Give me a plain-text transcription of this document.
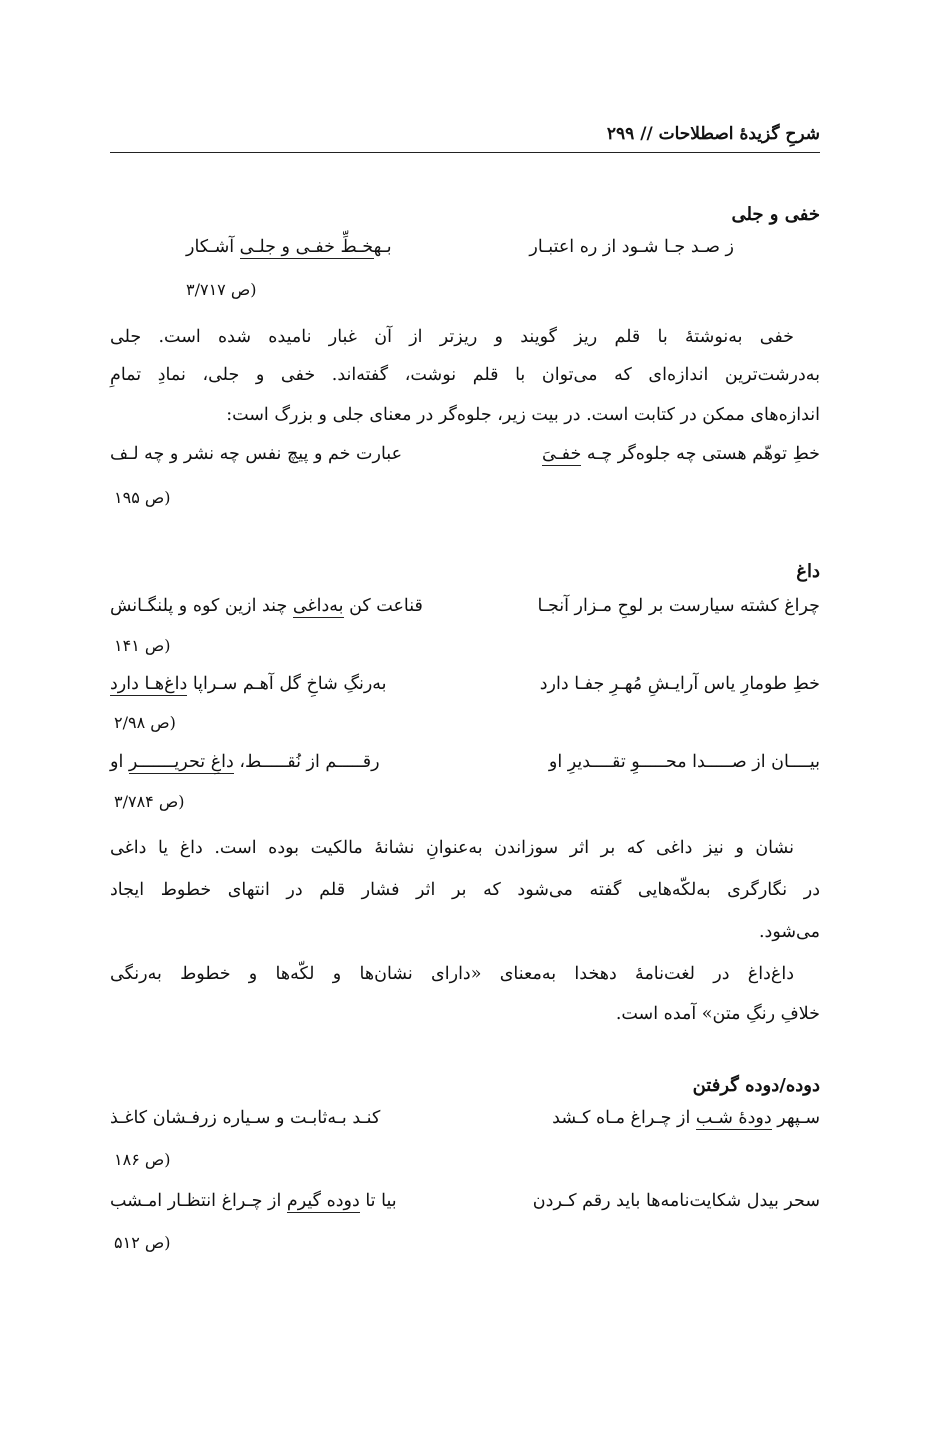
شرحِ گزیدهٔ اصطلاحات // ۲۹۹
خفی و جلی
ز صـد جـا شـود از ره اعتبـار
بـهخـطِّ خفـی و جلـی آشـکار
(ص ۳/۷۱۷
خفی به‌نوشتهٔ با قلم ریز گویند و ریزتر از آن غبار نامیده شده است. جلی
به‌درشت‌ترین اندازه‌ای که می‌توان با قلم نوشت، گفته‌اند. خفی و جلی، نمادِ تمامِ
اندازه‌های ممکن در کتابت است. در بیت زیر، جلوه‌گر در معنای جلی و بزرگ است:
خطِ توهّم هستی چه جلوه‌گر چـه خفـیَ
عبارت خم و پیچ نفس چه نشر و چه لـف
(ص ۱۹۵
داغ
چراغ کشته سیارست بر لوحِ مـزار آنجـا
قناعت کن به‌داغی چند ازین کوه و پلنگـانش
(ص ۱۴۱
خطِ طومارِ یاس آرایـشِ مُهـرِ جفـا دارد
به‌رنگِ شاخِ گل آهـم سـراپا داغ‌هـا دارد
(ص ۲/۹۸
بیــــان از صـــــدا محـــــوِ تقــــدیرِ او
رقـــــم از نُقـــــط، داغِ تحریـــــــر او
(ص ۳/۷۸۴
نشان و نیز داغی که بر اثر سوزاندن به‌عنوانِ نشانهٔ مالکیت بوده است. داغ یا داغی
در نگارگری به‌لکّه‌هایی گفته می‌شود که بر اثر فشار قلم در انتهای خطوط ایجاد
می‌شود.
داغ‌داغ در لغت‌نامهٔ دهخدا به‌معنای «دارای نشان‌ها و لکّه‌ها و خطوط به‌رنگی
خلافِ رنگِ متن» آمده است.
دوده/دوده گرفتن
سـپهر دودهٔ شـب از چـراغ مـاه کـشد
کنـد بـه‌ثابـت و سـیاره زرفـشان کاغـذ
(ص ۱۸۶
سحر بیدل شکایت‌نامه‌ها باید رقم کـردن
بیا تا دوده گیرم از چـراغ انتظـار امـشب
(ص ۵۱۲
